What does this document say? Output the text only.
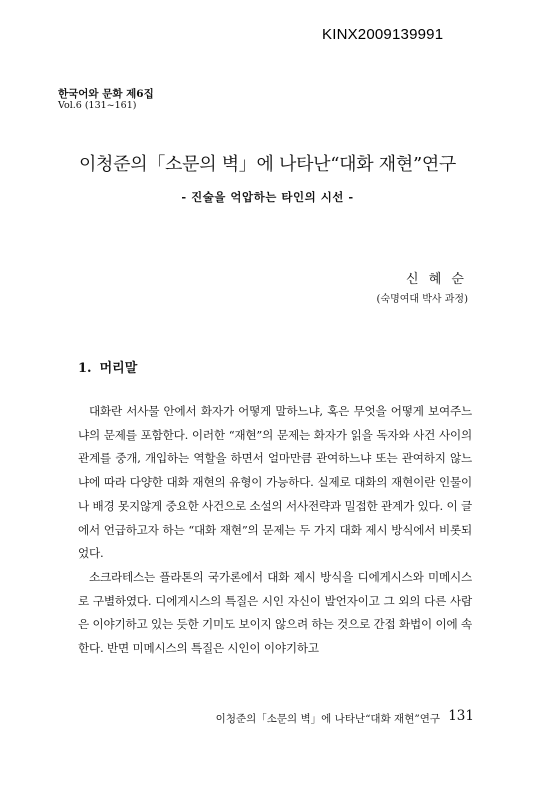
KINX2009139991
한국어와 문화 제6집
Vol.6 (131~161)
이청준의「소문의 벽」에 나타난“대화 재현”연구
- 진술을 억압하는 타인의 시선 -
신 혜 순
(숙명여대 박사 과정)
1. 머리말

대화란 서사물 안에서 화자가 어떻게 말하느냐, 혹은 무엇을 어떻게 보여주느냐의 문제를 포함한다. 이러한 “재현”의 문제는 화자가 읽을 독자와 사건 사이의 관계를 중개, 개입하는 역할을 하면서 얼마만큼 관여하느냐 또는 관여하지 않느냐에 따라 다양한 대화 재현의 유형이 가능하다. 실제로 대화의 재현이란 인물이나 배경 못지않게 중요한 사건으로 소설의 서사전략과 밀접한 관계가 있다. 이 글에서 언급하고자 하는 “대화 재현”의 문제는 두 가지 대화 제시 방식에서 비롯되었다.

소크라테스는 플라톤의 국가론에서 대화 제시 방식을 디에게시스와 미메시스로 구별하였다. 디에게시스의 특질은 시인 자신이 발언자이고 그 외의 다른 사람은 이야기하고 있는 듯한 기미도 보이지 않으려 하는 것으로 간접 화법이 이에 속한다. 반면 미메시스의 특질은 시인이 이야기하고

이청준의「소문의 벽」에 나타난“대화 재현”연구 131
